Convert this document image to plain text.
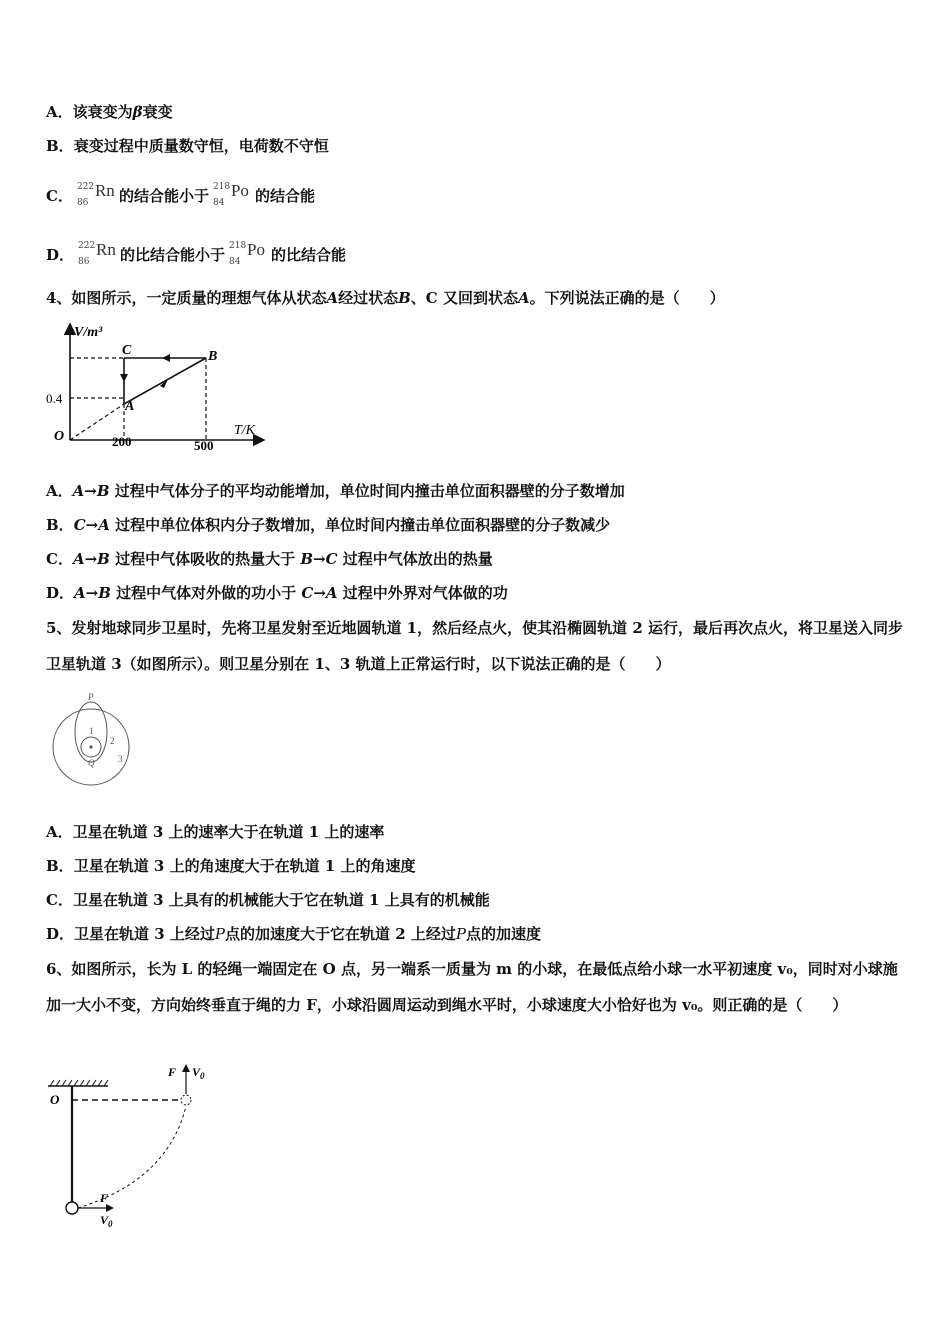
A．该衰变为β衰变
B．衰变过程中质量数守恒，电荷数不守恒
C． 222
86
Rn 的结合能小于 218
84
Po 的结合能
D． 222
86
Rn 的比结合能小于 218
84
Po 的比结合能
4、如图所示，一定质量的理想气体从状态A经过状态B、C 又回到状态A。下列说法正确的是（　　）
V/m³
T/K
O
0.4
200	500
A
B
C
A．A→B 过程中气体分子的平均动能增加，单位时间内撞击单位面积器壁的分子数增加
B．C→A 过程中单位体积内分子数增加，单位时间内撞击单位面积器壁的分子数减少
C．A→B 过程中气体吸收的热量大于 B→C 过程中气体放出的热量
D．A→B 过程中气体对外做的功小于 C→A 过程中外界对气体做的功
5、发射地球同步卫星时，先将卫星发射至近地圆轨道 1，然后经点火，使其沿椭圆轨道 2 运行，最后再次点火，将卫星送入同步卫星轨道 3（如图所示）。则卫星分别在 1、3 轨道上正常运行时，以下说法正确的是（　　）
P
Q
1
2
3
A．卫星在轨道 3 上的速率大于在轨道 1 上的速率
B．卫星在轨道 3 上的角速度大于在轨道 1 上的角速度
C．卫星在轨道 3 上具有的机械能大于它在轨道 1 上具有的机械能
D．卫星在轨道 3 上经过P点的加速度大于它在轨道 2 上经过P点的加速度
6、如图所示，长为 L 的轻绳一端固定在 O 点，另一端系一质量为 m 的小球，在最低点给小球一水平初速度 v₀，同时对小球施加一大小不变，方向始终垂直于绳的力 F，小球沿圆周运动到绳水平时，小球速度大小恰好也为 v₀。则正确的是（　　）
O
F $V_0$
F
$V_0$
